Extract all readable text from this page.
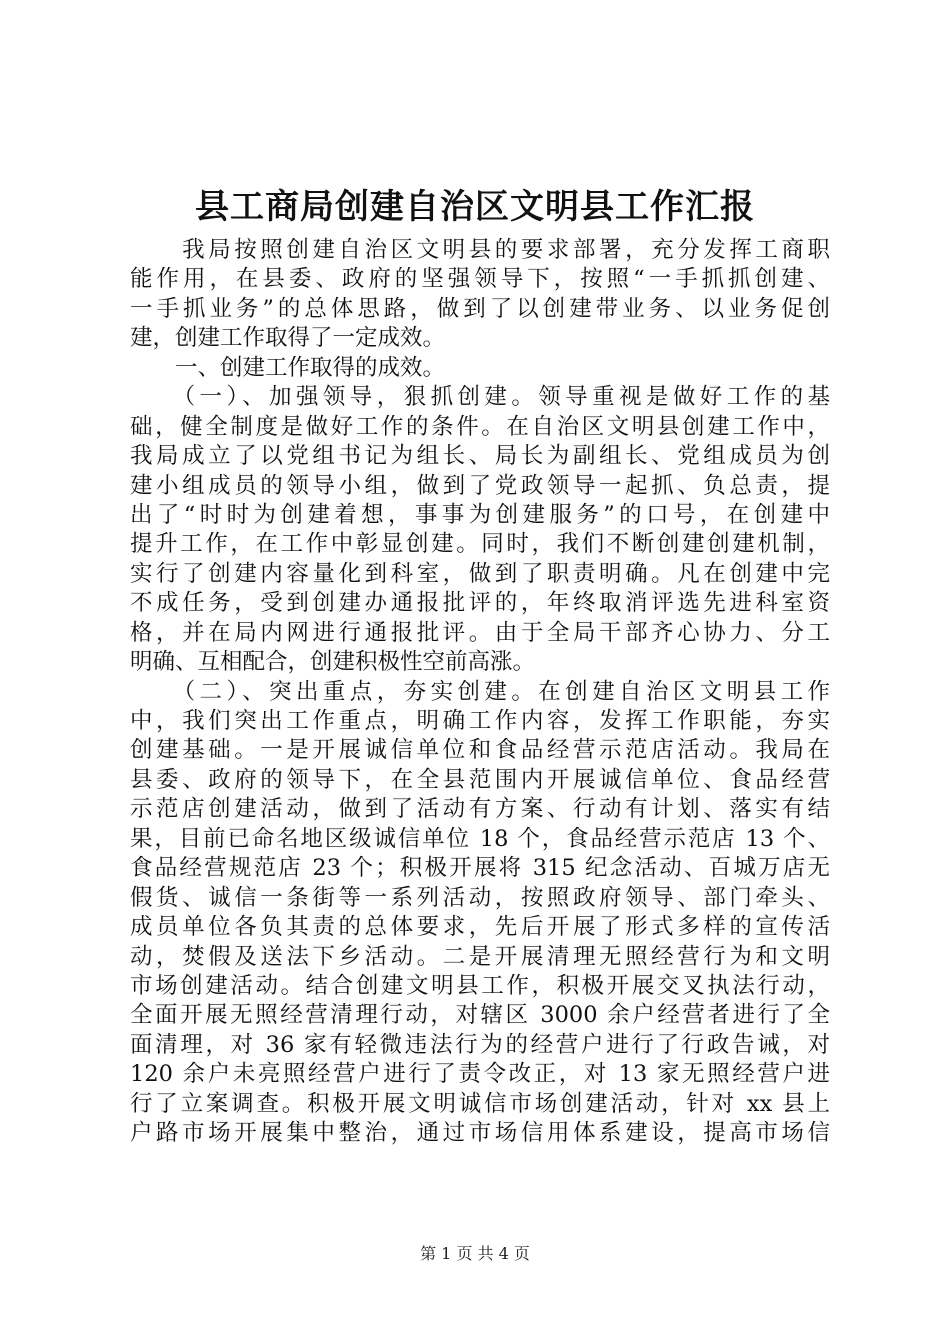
县工商局创建自治区文明县工作汇报
　　我局按照创建自治区文明县的要求部署，充分发挥工商职
能作用，在县委、政府的坚强领导下，按照“一手抓抓创建、
一手抓业务”的总体思路，做到了以创建带业务、以业务促创
建，创建工作取得了一定成效。
　　一、创建工作取得的成效。
　　（一）、加强领导，狠抓创建。领导重视是做好工作的基
础，健全制度是做好工作的条件。在自治区文明县创建工作中，
我局成立了以党组书记为组长、局长为副组长、党组成员为创
建小组成员的领导小组，做到了党政领导一起抓、负总责，提
出了“时时为创建着想，事事为创建服务”的口号，在创建中
提升工作，在工作中彰显创建。同时，我们不断创建创建机制，
实行了创建内容量化到科室，做到了职责明确。凡在创建中完
不成任务，受到创建办通报批评的，年终取消评选先进科室资
格，并在局内网进行通报批评。由于全局干部齐心协力、分工
明确、互相配合，创建积极性空前高涨。
　　（二）、突出重点，夯实创建。在创建自治区文明县工作
中，我们突出工作重点，明确工作内容，发挥工作职能，夯实
创建基础。一是开展诚信单位和食品经营示范店活动。我局在
县委、政府的领导下，在全县范围内开展诚信单位、食品经营
示范店创建活动，做到了活动有方案、行动有计划、落实有结
果，目前已命名地区级诚信单位 18 个，食品经营示范店 13 个、
食品经营规范店 23 个；积极开展将 315 纪念活动、百城万店无
假货、诚信一条街等一系列活动，按照政府领导、部门牵头、
成员单位各负其责的总体要求，先后开展了形式多样的宣传活
动，焚假及送法下乡活动。二是开展清理无照经营行为和文明
市场创建活动。结合创建文明县工作，积极开展交叉执法行动，
全面开展无照经营清理行动，对辖区 3000 余户经营者进行了全
面清理，对 36 家有轻微违法行为的经营户进行了行政告诫，对
120 余户未亮照经营户进行了责令改正，对 13 家无照经营户进
行了立案调查。积极开展文明诚信市场创建活动，针对 xx 县上
户路市场开展集中整治，通过市场信用体系建设，提高市场信
第 1 页 共 4 页
